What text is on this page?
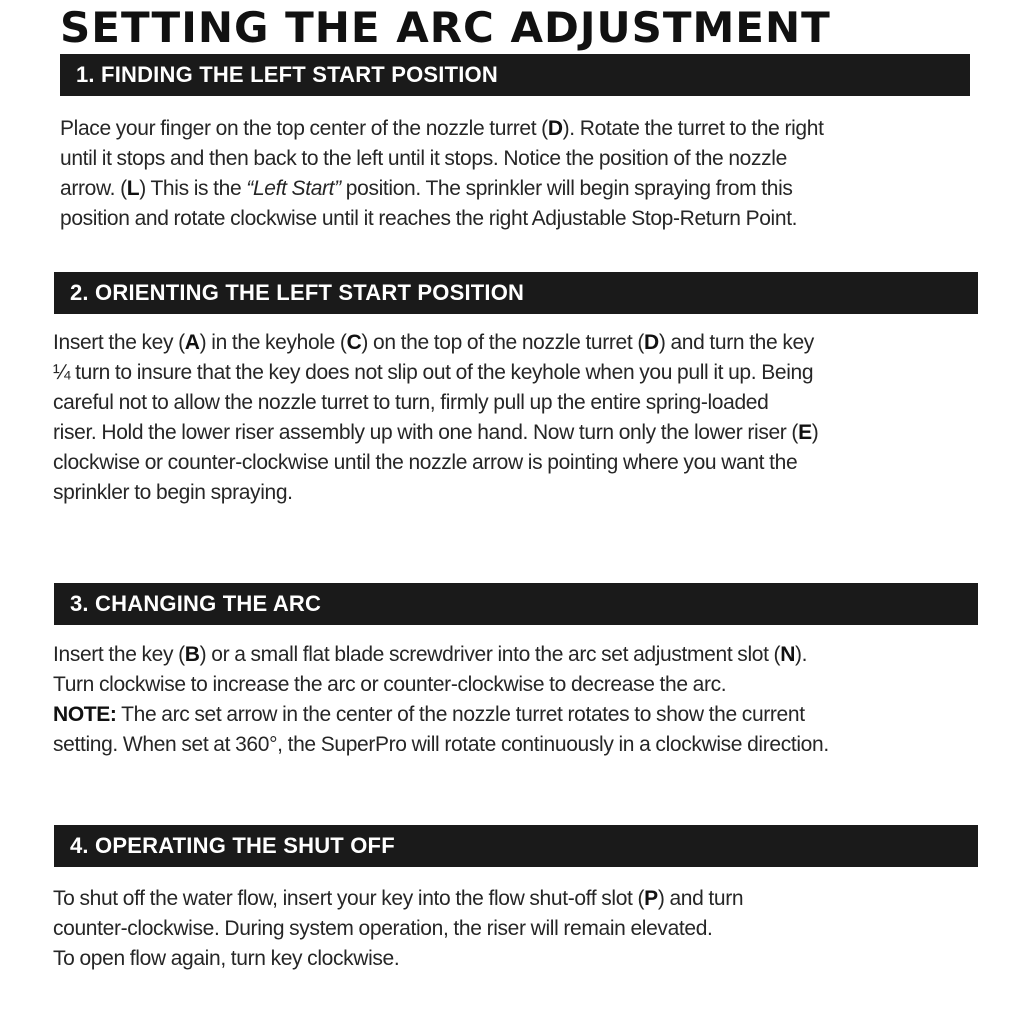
SETTING THE ARC ADJUSTMENT
1. FINDING THE LEFT START POSITION
Place your finger on the top center of the nozzle turret (D). Rotate the turret to the right
until it stops and then back to the left until it stops. Notice the position of the nozzle
arrow. (L) This is the “Left Start” position. The sprinkler will begin spraying from this
position and rotate clockwise until it reaches the right Adjustable Stop-Return Point.
2. ORIENTING THE LEFT START POSITION
Insert the key (A) in the keyhole (C) on the top of the nozzle turret (D) and turn the key
¼ turn to insure that the key does not slip out of the keyhole when you pull it up. Being
careful not to allow the nozzle turret to turn, firmly pull up the entire spring-loaded
riser. Hold the lower riser assembly up with one hand. Now turn only the lower riser (E)
clockwise or counter-clockwise until the nozzle arrow is pointing where you want the
sprinkler to begin spraying.
3. CHANGING THE ARC
Insert the key (B) or a small flat blade screwdriver into the arc set adjustment slot (N).
Turn clockwise to increase the arc or counter-clockwise to decrease the arc.
NOTE: The arc set arrow in the center of the nozzle turret rotates to show the current
setting. When set at 360°, the SuperPro will rotate continuously in a clockwise direction.
4. OPERATING THE SHUT OFF
To shut off the water flow, insert your key into the flow shut-off slot (P) and turn
counter-clockwise. During system operation, the riser will remain elevated.
To open flow again, turn key clockwise.
